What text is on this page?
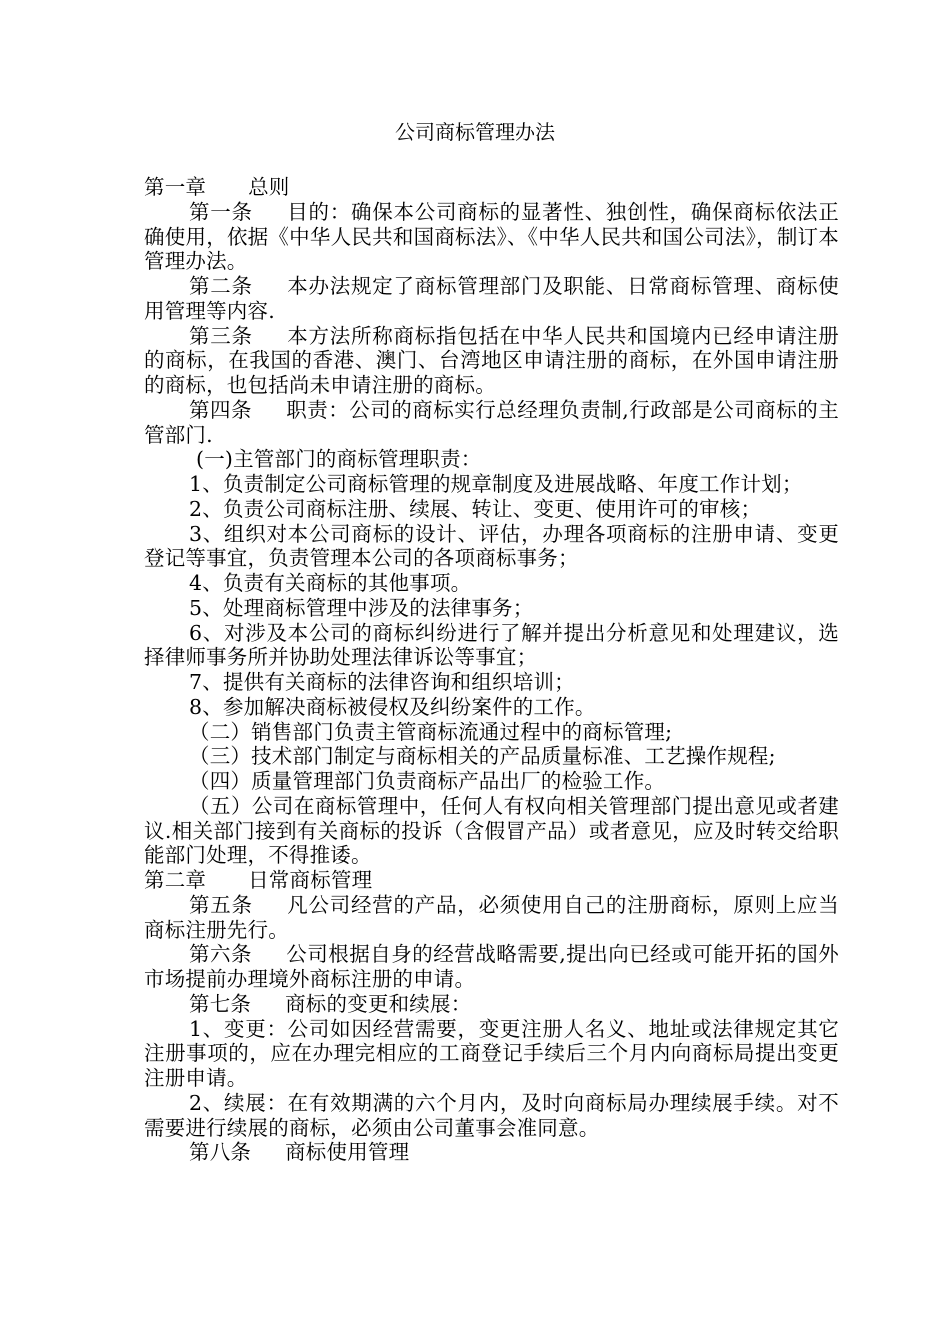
公司商标管理办法

第一章 总则

第一条 目的：确保本公司商标的显著性、独创性，确保商标依法正确使用，依据《中华人民共和国商标法》、《中华人民共和国公司法》，制订本管理办法。

第二条 本办法规定了商标管理部门及职能、日常商标管理、商标使用管理等内容.

第三条 本方法所称商标指包括在中华人民共和国境内已经申请注册的商标，在我国的香港、澳门、台湾地区申请注册的商标，在外国申请注册的商标，也包括尚未申请注册的商标。

第四条 职责：公司的商标实行总经理负责制,行政部是公司商标的主管部门.

(一)主管部门的商标管理职责：

1、负责制定公司商标管理的规章制度及进展战略、年度工作计划；

2、负责公司商标注册、续展、转让、变更、使用许可的审核；

3、组织对本公司商标的设计、评估，办理各项商标的注册申请、变更登记等事宜，负责管理本公司的各项商标事务；

4、负责有关商标的其他事项。

5、处理商标管理中涉及的法律事务；

6、对涉及本公司的商标纠纷进行了解并提出分析意见和处理建议，选择律师事务所并协助处理法律诉讼等事宜；

7、提供有关商标的法律咨询和组织培训；

8、参加解决商标被侵权及纠纷案件的工作。

（二）销售部门负责主管商标流通过程中的商标管理;

（三）技术部门制定与商标相关的产品质量标准、工艺操作规程;

（四）质量管理部门负责商标产品出厂的检验工作。

（五）公司在商标管理中，任何人有权向相关管理部门提出意见或者建议.相关部门接到有关商标的投诉（含假冒产品）或者意见，应及时转交给职能部门处理，不得推诿。

第二章 日常商标管理

第五条 凡公司经营的产品，必须使用自己的注册商标，原则上应当商标注册先行。

第六条 公司根据自身的经营战略需要,提出向已经或可能开拓的国外市场提前办理境外商标注册的申请。

第七条 商标的变更和续展：

1、变更：公司如因经营需要，变更注册人名义、地址或法律规定其它注册事项的，应在办理完相应的工商登记手续后三个月内向商标局提出变更注册申请。

2、续展：在有效期满的六个月内，及时向商标局办理续展手续。对不需要进行续展的商标，必须由公司董事会准同意。

第八条 商标使用管理
